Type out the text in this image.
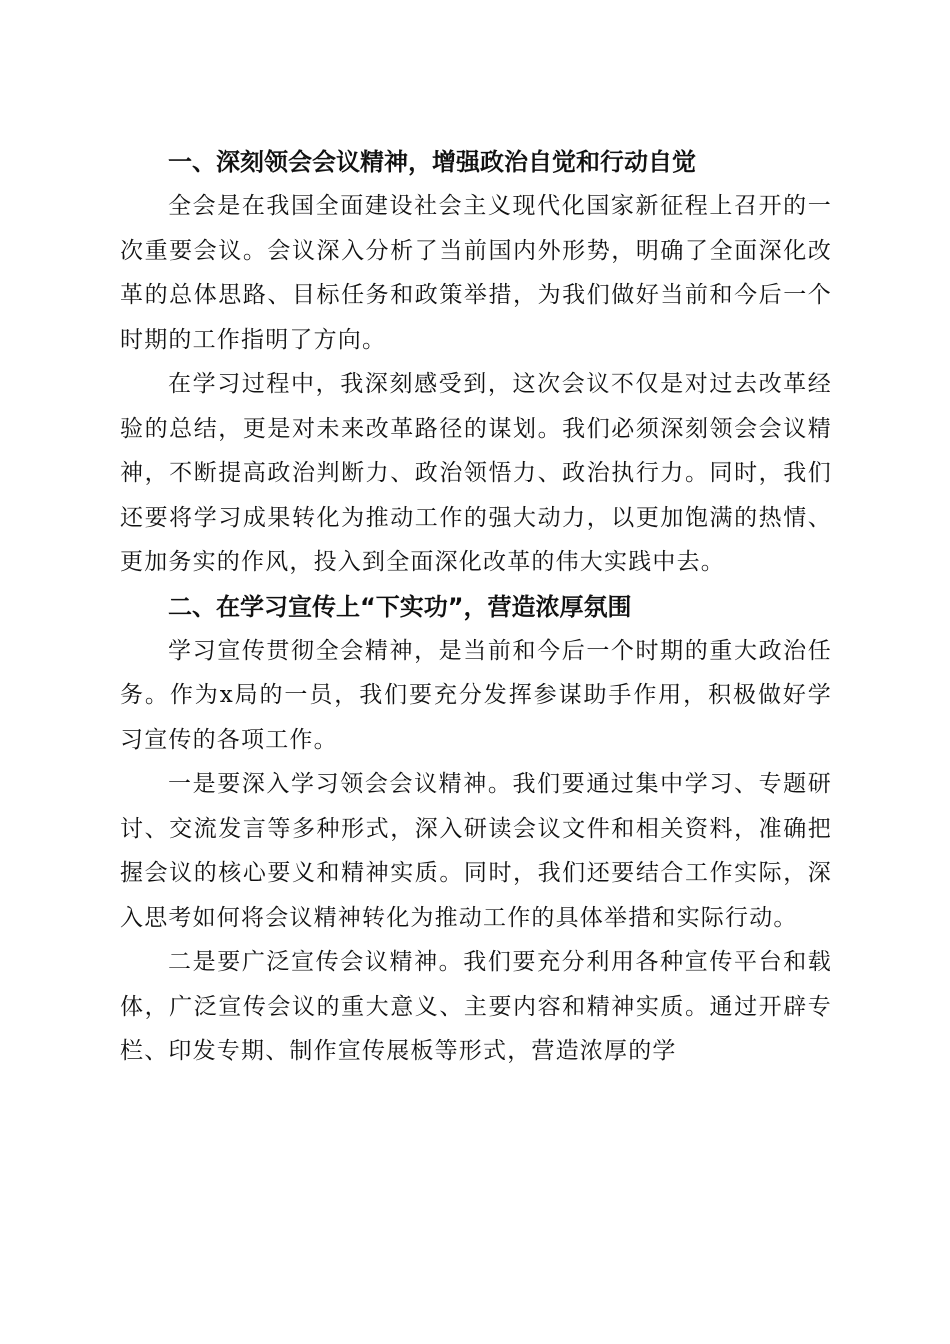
一、深刻领会会议精神，增强政治自觉和行动自觉

全会是在我国全面建设社会主义现代化国家新征程上召开的一次重要会议。会议深入分析了当前国内外形势，明确了全面深化改革的总体思路、目标任务和政策举措，为我们做好当前和今后一个时期的工作指明了方向。

在学习过程中，我深刻感受到，这次会议不仅是对过去改革经验的总结，更是对未来改革路径的谋划。我们必须深刻领会会议精神，不断提高政治判断力、政治领悟力、政治执行力。同时，我们还要将学习成果转化为推动工作的强大动力，以更加饱满的热情、更加务实的作风，投入到全面深化改革的伟大实践中去。

二、在学习宣传上“下实功”，营造浓厚氛围

学习宣传贯彻全会精神，是当前和今后一个时期的重大政治任务。作为x局的一员，我们要充分发挥参谋助手作用，积极做好学习宣传的各项工作。

一是要深入学习领会会议精神。我们要通过集中学习、专题研讨、交流发言等多种形式，深入研读会议文件和相关资料，准确把握会议的核心要义和精神实质。同时，我们还要结合工作实际，深入思考如何将会议精神转化为推动工作的具体举措和实际行动。

二是要广泛宣传会议精神。我们要充分利用各种宣传平台和载体，广泛宣传会议的重大意义、主要内容和精神实质。通过开辟专栏、印发专期、制作宣传展板等形式，营造浓厚的学
